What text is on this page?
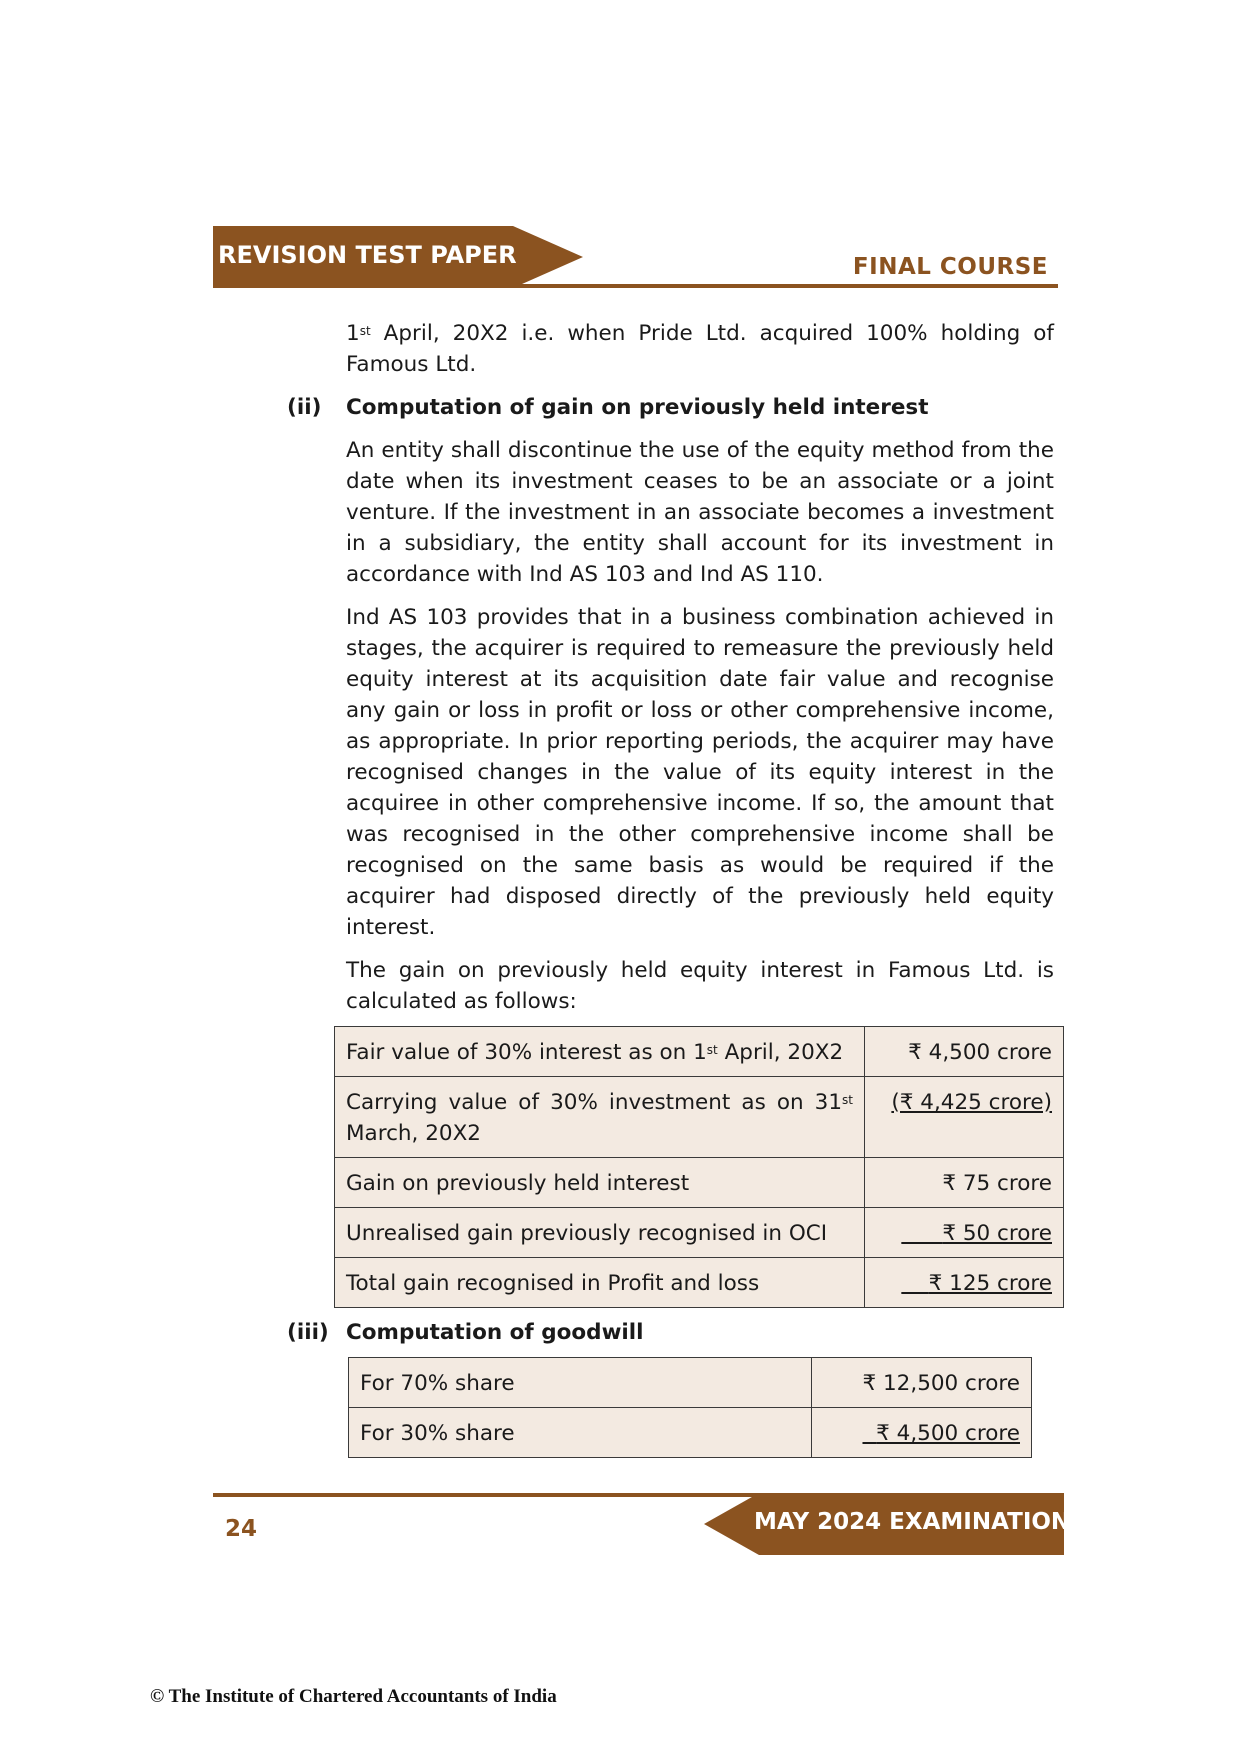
REVISION TEST PAPER	FINAL COURSE
1st April, 20X2 i.e. when Pride Ltd. acquired 100% holding of Famous Ltd.
(ii)	Computation of gain on previously held interest
An entity shall discontinue the use of the equity method from the date when its investment ceases to be an associate or a joint venture. If the investment in an associate becomes a investment in a subsidiary, the entity shall account for its investment in accordance with Ind AS 103 and Ind AS 110.
Ind AS 103 provides that in a business combination achieved in stages, the acquirer is required to remeasure the previously held equity interest at its acquisition date fair value and recognise any gain or loss in profit or loss or other comprehensive income, as appropriate. In prior reporting periods, the acquirer may have recognised changes in the value of its equity interest in the acquiree in other comprehensive income. If so, the amount that was recognised in the other comprehensive income shall be recognised on the same basis as would be required if the acquirer had disposed directly of the previously held equity interest.
The gain on previously held equity interest in Famous Ltd. is calculated as follows:
Fair value of 30% interest as on 1st April, 20X2	₹ 4,500 crore
Carrying value of 30% investment as on 31st March, 20X2	(₹ 4,425 crore)
Gain on previously held interest	₹ 75 crore
Unrealised gain previously recognised in OCI	₹ 50 crore
Total gain recognised in Profit and loss	₹ 125 crore
(iii) Computation of goodwill
For 70% share	₹ 12,500 crore
For 30% share	₹ 4,500 crore
MAY 2024 EXAMINATION
24
© The Institute of Chartered Accountants of India
